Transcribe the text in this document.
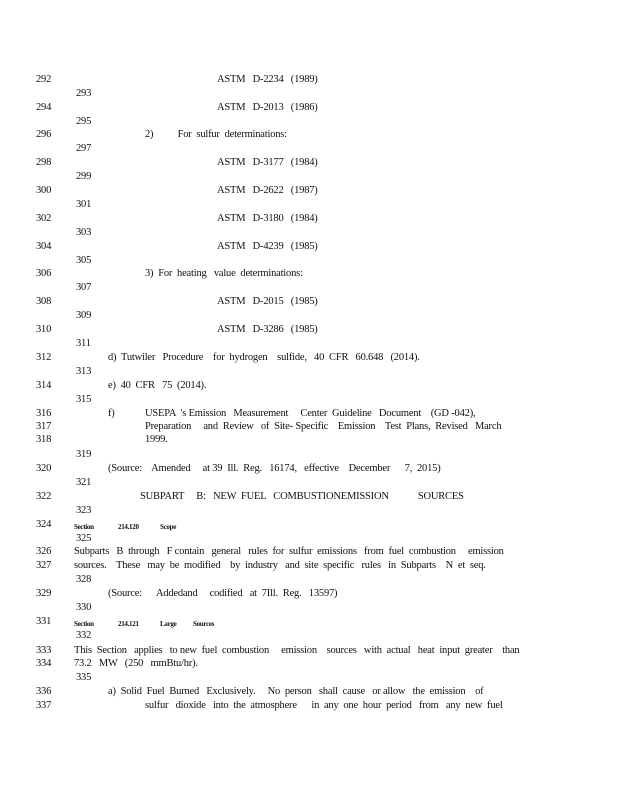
292
293
294
295
296
297
298
299
300
301
302
303
304
305
306
307
308
309
310
311
312
313
314
315
316
317
318
319
320
321
322
323
324
325
326
327
328
329
330
331
332
333
334
335
336
337
ASTM   D-2234   (1989)
ASTM   D-2013   (1986)
2)          For  sulfur  determinations:
ASTM   D-3177   (1984)
ASTM   D-2622   (1987)
ASTM   D-3180   (1984)
ASTM   D-4239   (1985)
3)  For  heating   value  determinations:
ASTM   D-2015   (1985)
ASTM   D-3286   (1985)
d)  Tutwiler   Procedure    for  hydrogen    sulfide,   40  CFR   60.648   (2014).
e)  40  CFR   75  (2014).
f)	USEPA  's Emission   Measurement     Center  Guideline   Document    (GD -042),
Preparation     and  Review   of  Site- Specific    Emission    Test  Plans,  Revised   March
1999.
(Source:    Amended     at 39  Ill.  Reg.   16174,   effective    December      7,  2015)
SUBPART     B:   NEW  FUEL   COMBUSTIONEMISSION            SOURCES
Section	214.120	Scope
Subparts   B  through   F contain   general   rules  for  sulfur  emissions   from  fuel  combustion     emission
sources.    These   may  be  modified    by  industry   and  site  specific   rules   in  Subparts    N  et  seq.
(Source:      Addedand     codified   at  7Ill.  Reg.   13597)
Section	214.121	Large Sources
This  Section   applies   to new  fuel  combustion     emission    sources   with  actual   heat  input  greater    than
73.2   MW   (250   mmBtu/hr).
a)  Solid  Fuel  Burned   Exclusively.     No  person   shall  cause   or allow   the  emission    of
sulfur   dioxide   into  the  atmosphere      in  any  one  hour  period   from   any  new  fuel
